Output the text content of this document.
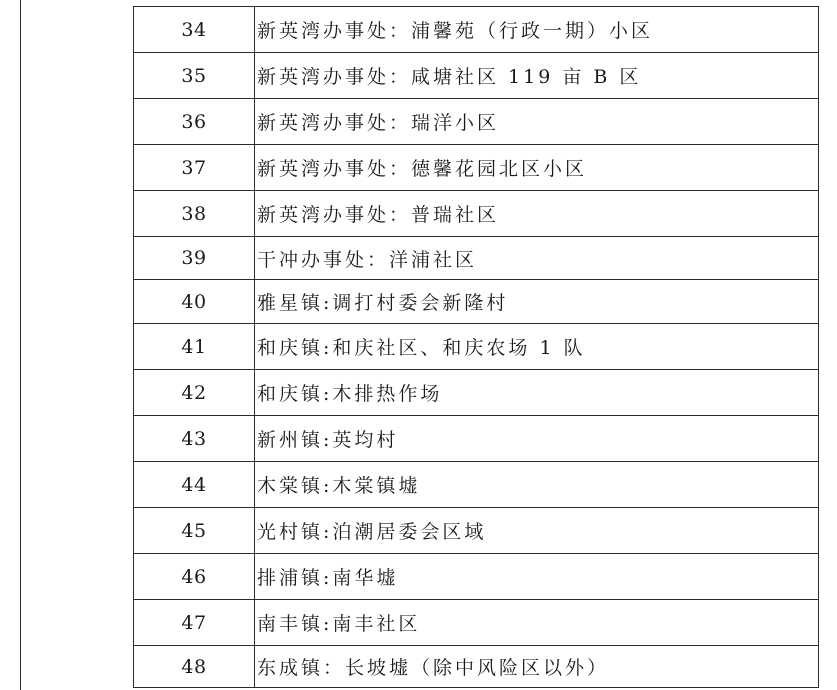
34	新英湾办事处：浦馨苑（行政一期）小区
35	新英湾办事处：咸塘社区 119 亩 B 区
36	新英湾办事处：瑞洋小区
37	新英湾办事处：德馨花园北区小区
38	新英湾办事处：普瑞社区
39	干冲办事处：洋浦社区
40	雅星镇:调打村委会新隆村
41	和庆镇:和庆社区、和庆农场 1 队
42	和庆镇:木排热作场
43	新州镇:英均村
44	木棠镇:木棠镇墟
45	光村镇:泊潮居委会区域
46	排浦镇:南华墟
47	南丰镇:南丰社区
48	东成镇：长坡墟（除中风险区以外）
